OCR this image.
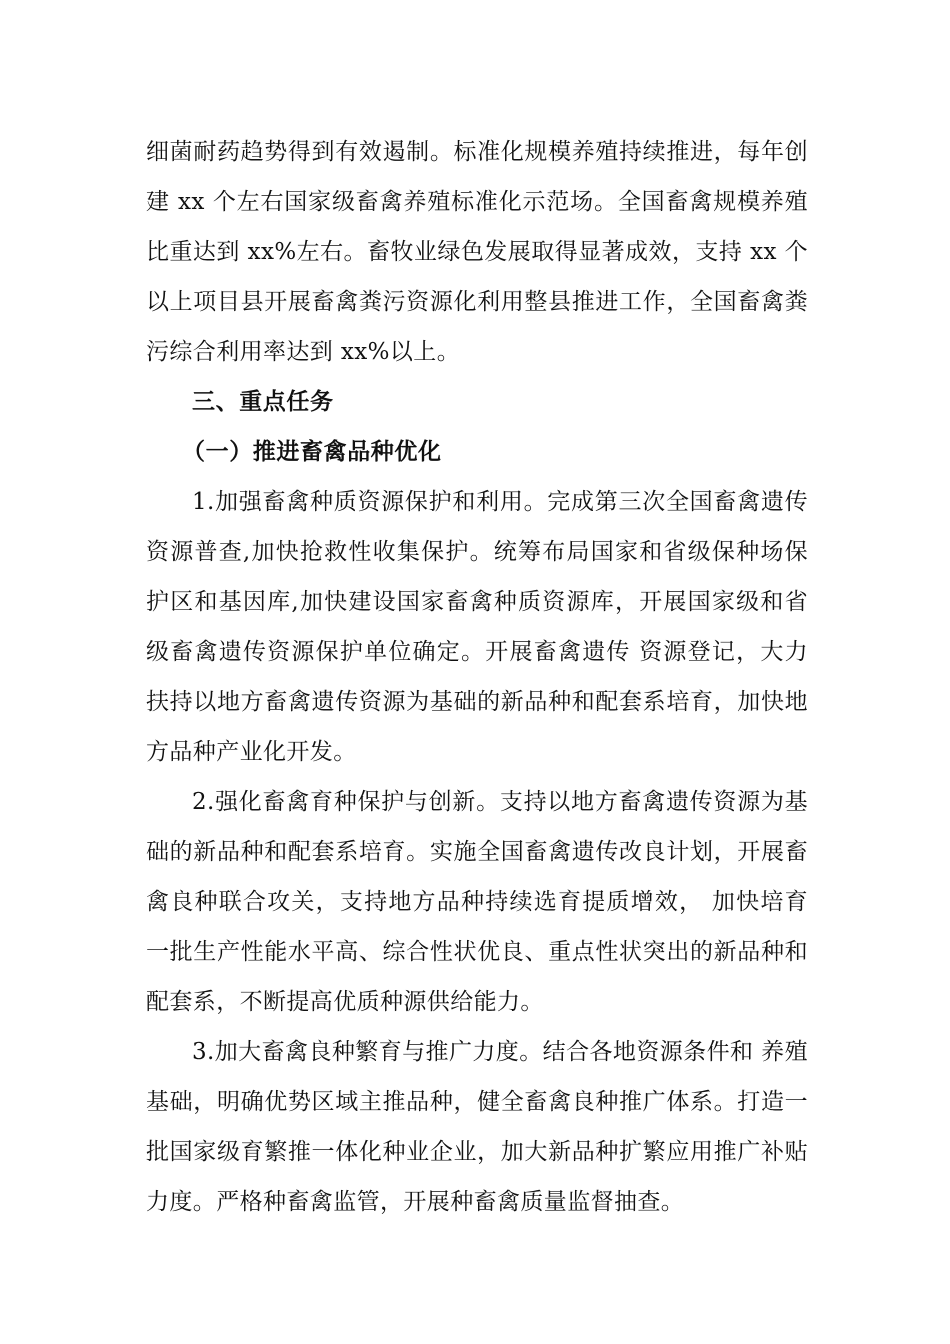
细菌耐药趋势得到有效遏制。标准化规模养殖持续推进，每年创建 xx 个左右国家级畜禽养殖标准化示范场。全国畜禽规模养殖比重达到 xx%左右。畜牧业绿色发展取得显著成效，支持 xx 个以上项目县开展畜禽粪污资源化利用整县推进工作，全国畜禽粪污综合利用率达到 xx%以上。

三、重点任务

（一）推进畜禽品种优化

1.加强畜禽种质资源保护和利用。完成第三次全国畜禽遗传资源普查,加快抢救性收集保护。统筹布局国家和省级保种场保护区和基因库,加快建设国家畜禽种质资源库，开展国家级和省级畜禽遗传资源保护单位确定。开展畜禽遗传 资源登记，大力扶持以地方畜禽遗传资源为基础的新品种和配套系培育，加快地方品种产业化开发。

2.强化畜禽育种保护与创新。支持以地方畜禽遗传资源为基础的新品种和配套系培育。实施全国畜禽遗传改良计划，开展畜禽良种联合攻关，支持地方品种持续选育提质增效， 加快培育一批生产性能水平高、综合性状优良、重点性状突出的新品种和配套系，不断提高优质种源供给能力。

3.加大畜禽良种繁育与推广力度。结合各地资源条件和 养殖基础，明确优势区域主推品种，健全畜禽良种推广体系。打造一批国家级育繁推一体化种业企业，加大新品种扩繁应用推广补贴力度。严格种畜禽监管，开展种畜禽质量监督抽查。
